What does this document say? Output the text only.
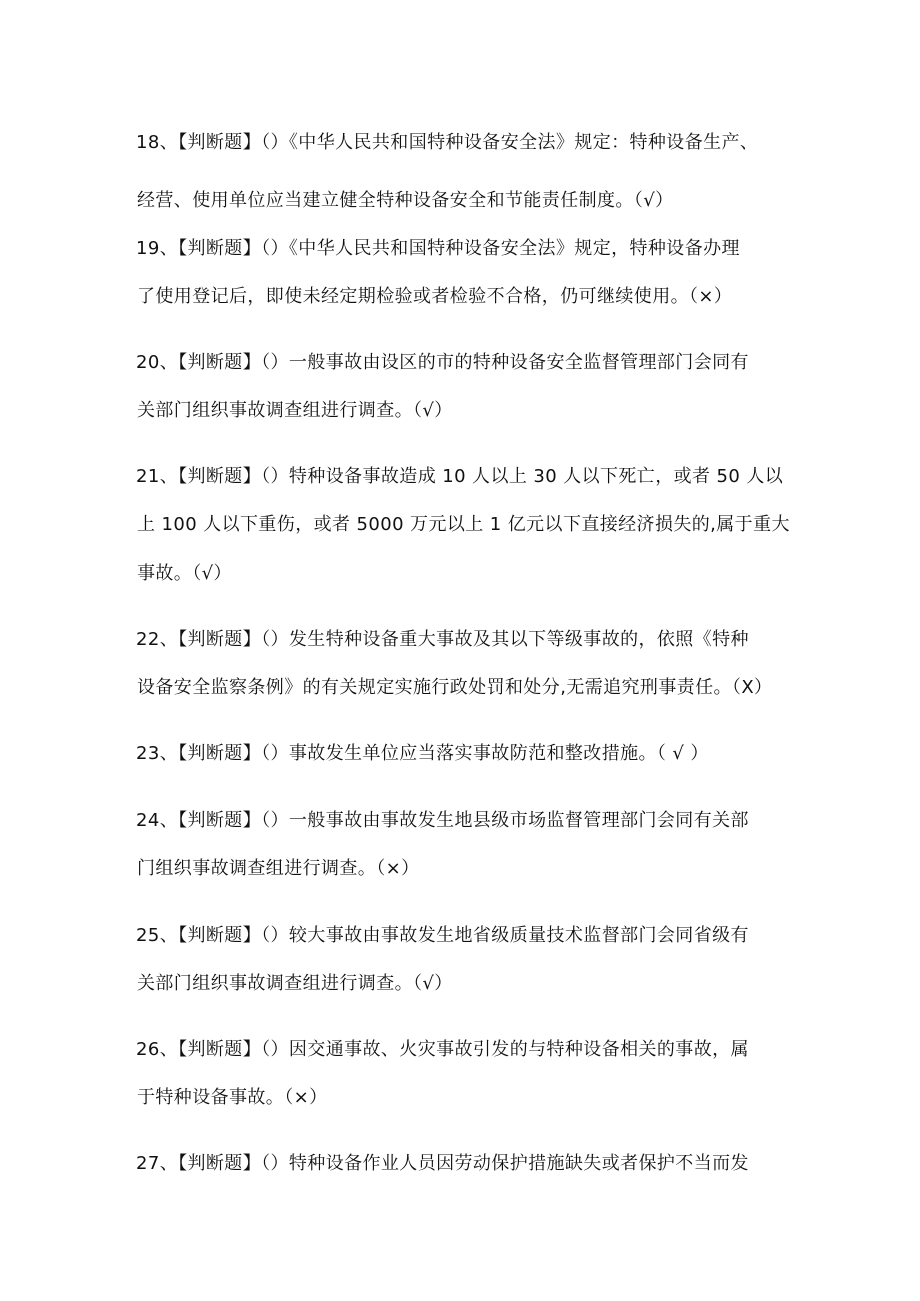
18、【判断题】（）《中华人民共和国特种设备安全法》规定：特种设备生产、
经营、使用单位应当建立健全特种设备安全和节能责任制度。（√）
19、【判断题】（）《中华人民共和国特种设备安全法》规定，特种设备办理
了使用登记后，即使未经定期检验或者检验不合格，仍可继续使用。（×）
20、【判断题】（）一般事故由设区的市的特种设备安全监督管理部门会同有
关部门组织事故调查组进行调查。（√）
21、【判断题】（）特种设备事故造成 10 人以上 30 人以下死亡，或者 50 人以
上 100 人以下重伤，或者 5000 万元以上 1 亿元以下直接经济损失的,属于重大
事故。（√）
22、【判断题】（）发生特种设备重大事故及其以下等级事故的，依照《特种
设备安全监察条例》的有关规定实施行政处罚和处分,无需追究刑事责任。（X）
23、【判断题】（）事故发生单位应当落实事故防范和整改措施。（ √ ）
24、【判断题】（）一般事故由事故发生地县级市场监督管理部门会同有关部
门组织事故调查组进行调查。（×）
25、【判断题】（）较大事故由事故发生地省级质量技术监督部门会同省级有
关部门组织事故调查组进行调查。（√）
26、【判断题】（）因交通事故、火灾事故引发的与特种设备相关的事故，属
于特种设备事故。（×）
27、【判断题】（）特种设备作业人员因劳动保护措施缺失或者保护不当而发
